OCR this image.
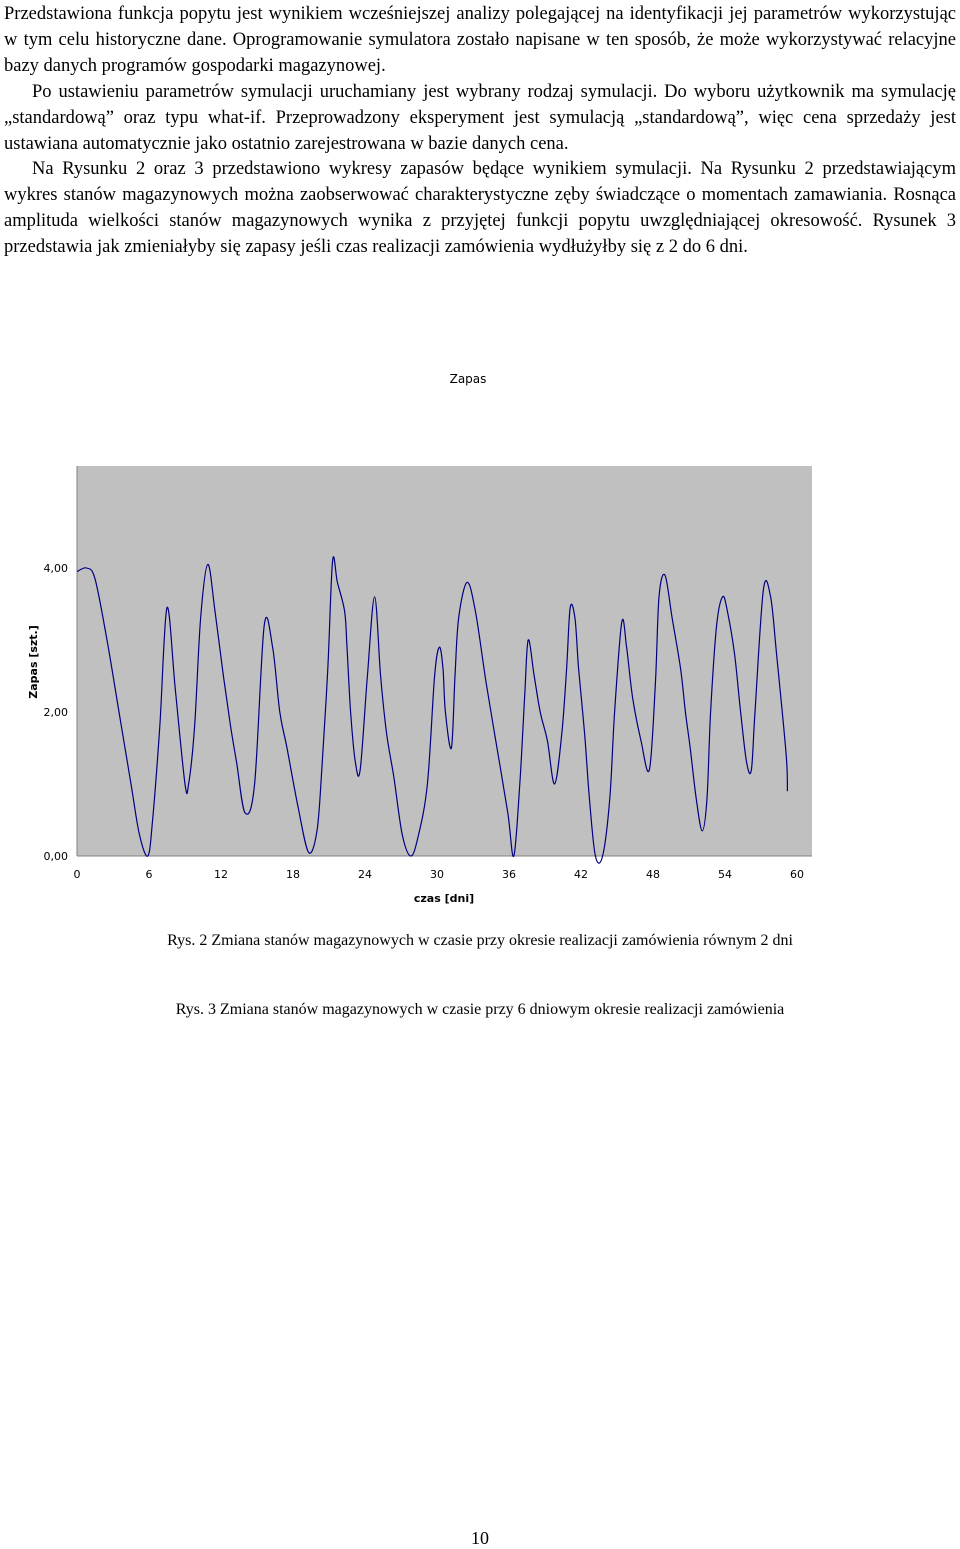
Przedstawiona funkcja popytu jest wynikiem wcześniejszej analizy polegającej na identyfikacji jej parametrów wykorzystując w tym celu historyczne dane. Oprogramowanie symulatora zostało napisane w ten sposób, że może wykorzystywać relacyjne bazy danych programów gospodarki magazynowej.

Po ustawieniu parametrów symulacji uruchamiany jest wybrany rodzaj symulacji. Do wyboru użytkownik ma symulację „standardową” oraz typu what-if. Przeprowadzony eksperyment jest symulacją „standardową”, więc cena sprzedaży jest ustawiana automatycznie jako ostatnio zarejestrowana w bazie danych cena.

Na Rysunku 2 oraz 3 przedstawiono wykresy zapasów będące wynikiem symulacji. Na Rysunku 2 przedstawiającym wykres stanów magazynowych można zaobserwować charakterystyczne zęby świadczące o momentach zamawiania. Rosnąca amplituda wielkości stanów magazynowych wynika z przyjętej funkcji popytu uwzględniającej okresowość. Rysunek 3 przedstawia jak zmieniałyby się zapasy jeśli czas realizacji zamówienia wydłużyłby się z 2 do 6 dni.

Zapas
0,00
2,00
4,00
0	6	12	18	24	30	36	42	48	54	60
Zapas [szt.]
czas [dni]
Rys. 2 Zmiana stanów magazynowych w czasie przy okresie realizacji zamówienia równym 2 dni
Rys. 3 Zmiana stanów magazynowych w czasie przy 6 dniowym okresie realizacji zamówienia
10
